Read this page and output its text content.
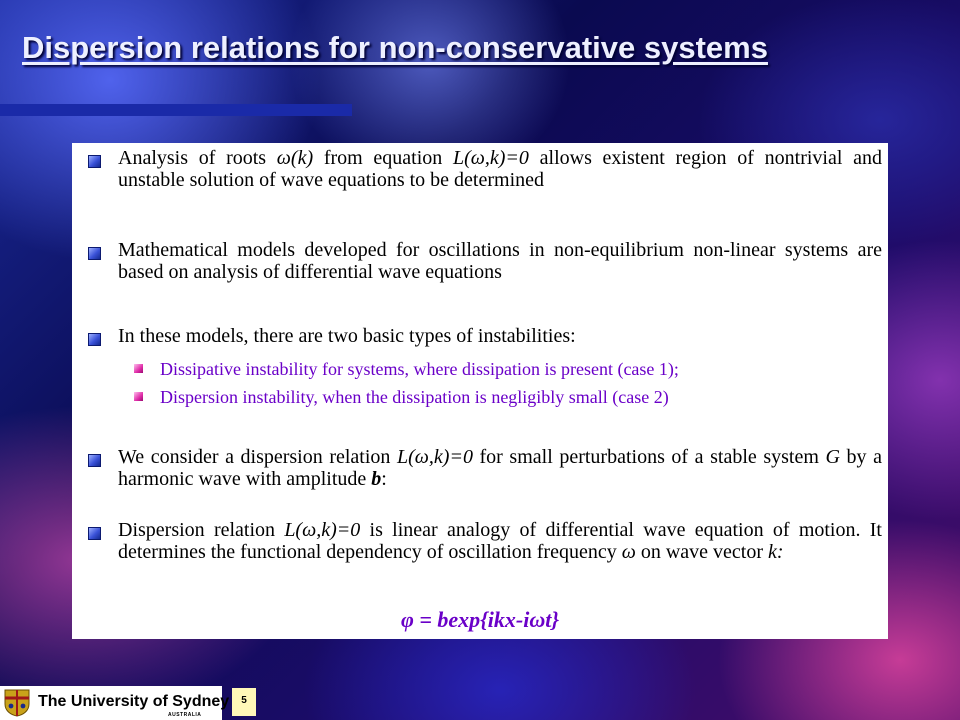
Dispersion relations for non-conservative systems
Analysis of roots ω(k) from equation L(ω,k)=0 allows existent region of nontrivial and unstable solution of wave equations to be determined
Mathematical models developed for oscillations in non-equilibrium non-linear systems are based on analysis of differential wave equations
In these models, there are two basic types of instabilities:
Dissipative instability for systems, where dissipation is present (case 1);
Dispersion instability, when the dissipation is negligibly small (case 2)
We consider a dispersion relation L(ω,k)=0 for small perturbations of a stable system G by a harmonic wave with amplitude b:
Dispersion relation L(ω,k)=0 is linear analogy of differential wave equation of motion. It determines the functional dependency of oscillation frequency ω on wave vector k:
φ = bexp{ikx-iωt}
The University of Sydney
AUSTRALIA
5
